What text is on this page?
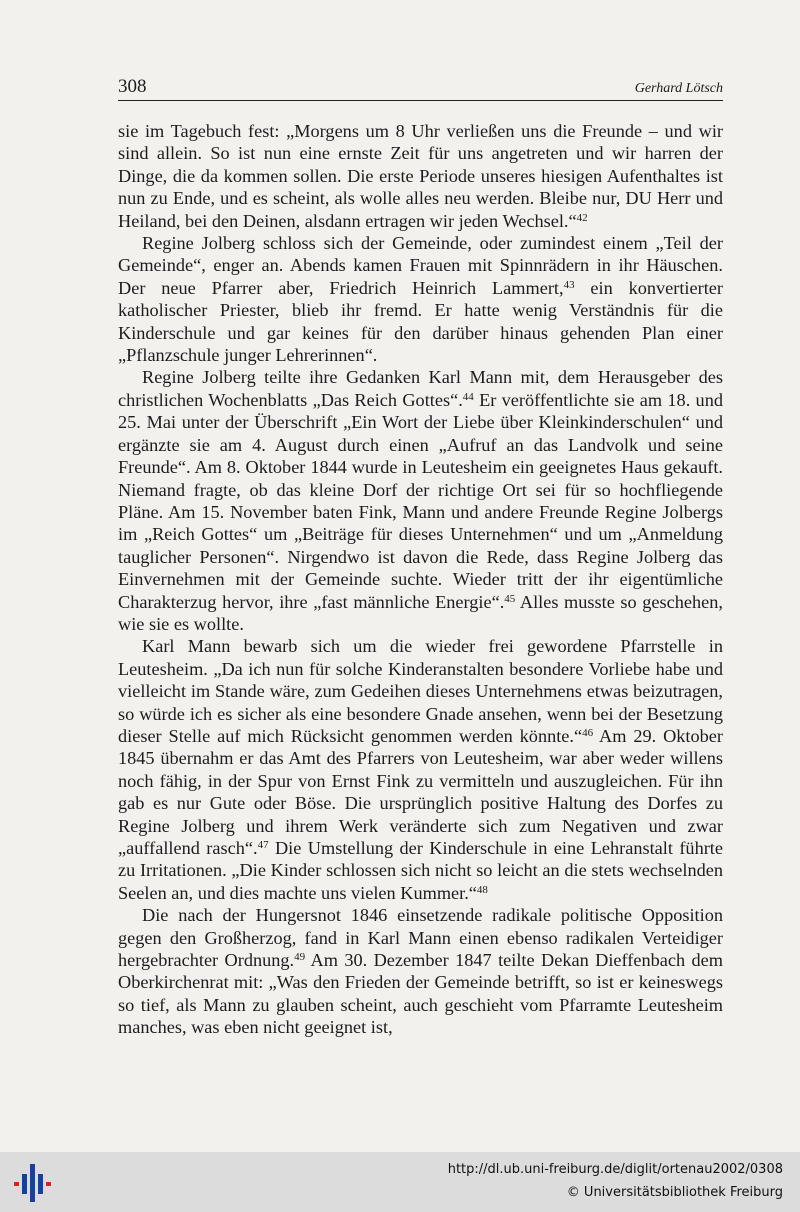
308	Gerhard Lötsch

sie im Tagebuch fest: „Morgens um 8 Uhr verließen uns die Freunde – und wir sind allein. So ist nun eine ernste Zeit für uns angetreten und wir harren der Dinge, die da kommen sollen. Die erste Periode unseres hiesigen Aufenthaltes ist nun zu Ende, und es scheint, als wolle alles neu werden. Bleibe nur, DU Herr und Heiland, bei den Deinen, alsdann ertragen wir jeden Wechsel.“$^{42}$

Regine Jolberg schloss sich der Gemeinde, oder zumindest einem „Teil der Gemeinde“, enger an. Abends kamen Frauen mit Spinnrädern in ihr Häuschen. Der neue Pfarrer aber, Friedrich Heinrich Lammert,$^{43}$ ein konvertierter katholischer Priester, blieb ihr fremd. Er hatte wenig Verständnis für die Kinderschule und gar keines für den darüber hinaus gehenden Plan einer „Pflanzschule junger Lehrerinnen“.

Regine Jolberg teilte ihre Gedanken Karl Mann mit, dem Herausgeber des christlichen Wochenblatts „Das Reich Gottes“.$^{44}$ Er veröffentlichte sie am 18. und 25. Mai unter der Überschrift „Ein Wort der Liebe über Kleinkinderschulen“ und ergänzte sie am 4. August durch einen „Aufruf an das Landvolk und seine Freunde“. Am 8. Oktober 1844 wurde in Leutesheim ein geeignetes Haus gekauft. Niemand fragte, ob das kleine Dorf der richtige Ort sei für so hochfliegende Pläne. Am 15. November baten Fink, Mann und andere Freunde Regine Jolbergs im „Reich Gottes“ um „Beiträge für dieses Unternehmen“ und um „Anmeldung tauglicher Personen“. Nirgendwo ist davon die Rede, dass Regine Jolberg das Einvernehmen mit der Gemeinde suchte. Wieder tritt der ihr eigentümliche Charakterzug hervor, ihre „fast männliche Energie“.$^{45}$ Alles musste so geschehen, wie sie es wollte.

Karl Mann bewarb sich um die wieder frei gewordene Pfarrstelle in Leutesheim. „Da ich nun für solche Kinderanstalten besondere Vorliebe habe und vielleicht im Stande wäre, zum Gedeihen dieses Unternehmens etwas beizutragen, so würde ich es sicher als eine besondere Gnade ansehen, wenn bei der Besetzung dieser Stelle auf mich Rücksicht genommen werden könnte.“$^{46}$ Am 29. Oktober 1845 übernahm er das Amt des Pfarrers von Leutesheim, war aber weder willens noch fähig, in der Spur von Ernst Fink zu vermitteln und auszugleichen. Für ihn gab es nur Gute oder Böse. Die ursprünglich positive Haltung des Dorfes zu Regine Jolberg und ihrem Werk veränderte sich zum Negativen und zwar „auffallend rasch“.$^{47}$ Die Umstellung der Kinderschule in eine Lehranstalt führte zu Irritationen. „Die Kinder schlossen sich nicht so leicht an die stets wechselnden Seelen an, und dies machte uns vielen Kummer.“$^{48}$

Die nach der Hungersnot 1846 einsetzende radikale politische Opposition gegen den Großherzog, fand in Karl Mann einen ebenso radikalen Verteidiger hergebrachter Ordnung.$^{49}$ Am 30. Dezember 1847 teilte Dekan Dieffenbach dem Oberkirchenrat mit: „Was den Frieden der Gemeinde betrifft, so ist er keineswegs so tief, als Mann zu glauben scheint, auch geschieht vom Pfarramte Leutesheim manches, was eben nicht geeignet ist,

http://dl.ub.uni-freiburg.de/diglit/ortenau2002/0308
© Universitätsbibliothek Freiburg
